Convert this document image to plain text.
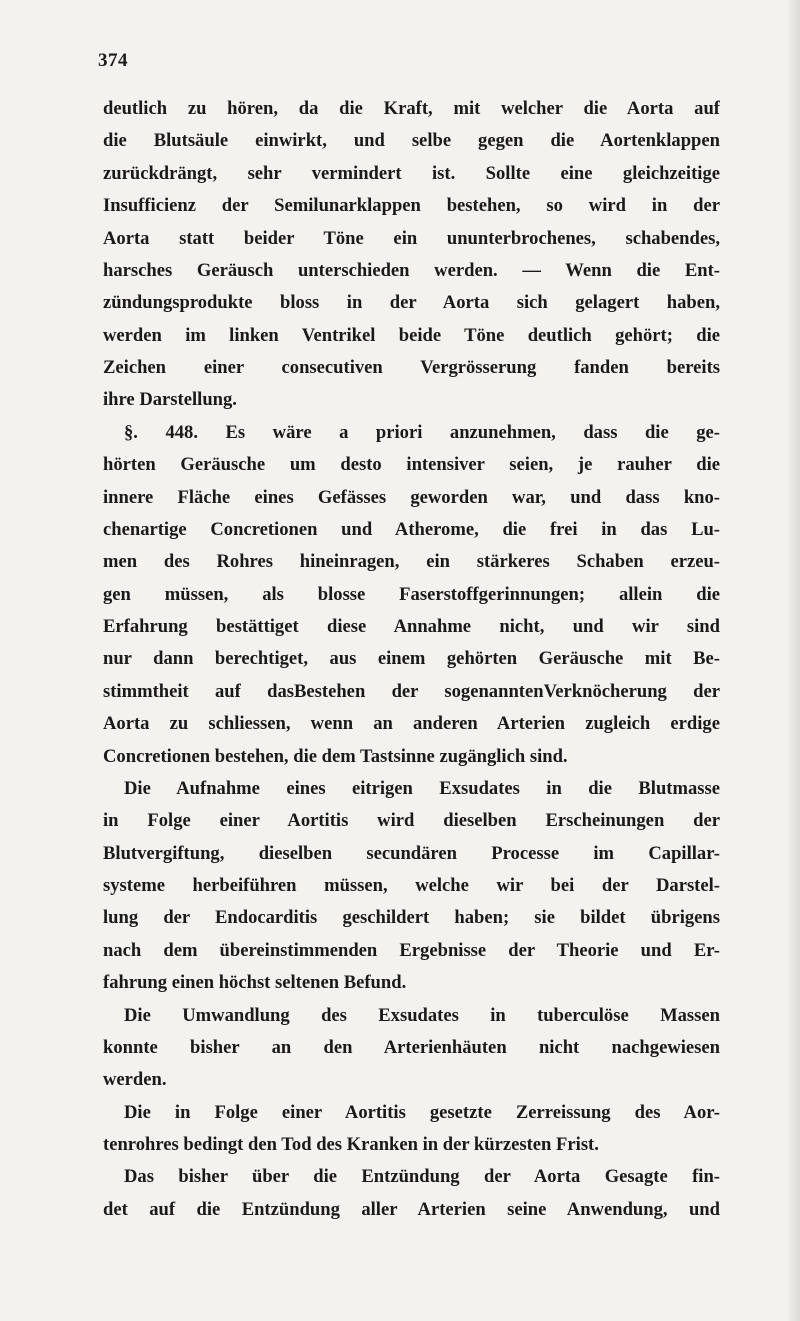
374
deutlich zu hören, da die Kraft, mit welcher die Aorta auf
die Blutsäule einwirkt, und selbe gegen die Aortenklappen
zurückdrängt, sehr vermindert ist. Sollte eine gleichzeitige
Insufficienz der Semilunarklappen bestehen, so wird in der
Aorta statt beider Töne ein ununterbrochenes, schabendes,
harsches Geräusch unterschieden werden. — Wenn die Ent-
zündungsprodukte bloss in der Aorta sich gelagert haben,
werden im linken Ventrikel beide Töne deutlich gehört; die
Zeichen einer consecutiven Vergrösserung fanden bereits
ihre Darstellung.
§. 448. Es wäre a priori anzunehmen, dass die ge-
hörten Geräusche um desto intensiver seien, je rauher die
innere Fläche eines Gefässes geworden war, und dass kno-
chenartige Concretionen und Atherome, die frei in das Lu-
men des Rohres hineinragen, ein stärkeres Schaben erzeu-
gen müssen, als blosse Faserstoffgerinnungen; allein die
Erfahrung bestättiget diese Annahme nicht, und wir sind
nur dann berechtiget, aus einem gehörten Geräusche mit Be-
stimmtheit auf dasBestehen der sogenanntenVerknöcherung der
Aorta zu schliessen, wenn an anderen Arterien zugleich erdige
Concretionen bestehen, die dem Tastsinne zugänglich sind.
Die Aufnahme eines eitrigen Exsudates in die Blutmasse
in Folge einer Aortitis wird dieselben Erscheinungen der
Blutvergiftung, dieselben secundären Processe im Capillar-
systeme herbeiführen müssen, welche wir bei der Darstel-
lung der Endocarditis geschildert haben; sie bildet übrigens
nach dem übereinstimmenden Ergebnisse der Theorie und Er-
fahrung einen höchst seltenen Befund.
Die Umwandlung des Exsudates in tuberculöse Massen
konnte bisher an den Arterienhäuten nicht nachgewiesen
werden.
Die in Folge einer Aortitis gesetzte Zerreissung des Aor-
tenrohres bedingt den Tod des Kranken in der kürzesten Frist.
Das bisher über die Entzündung der Aorta Gesagte fin-
det auf die Entzündung aller Arterien seine Anwendung, und
